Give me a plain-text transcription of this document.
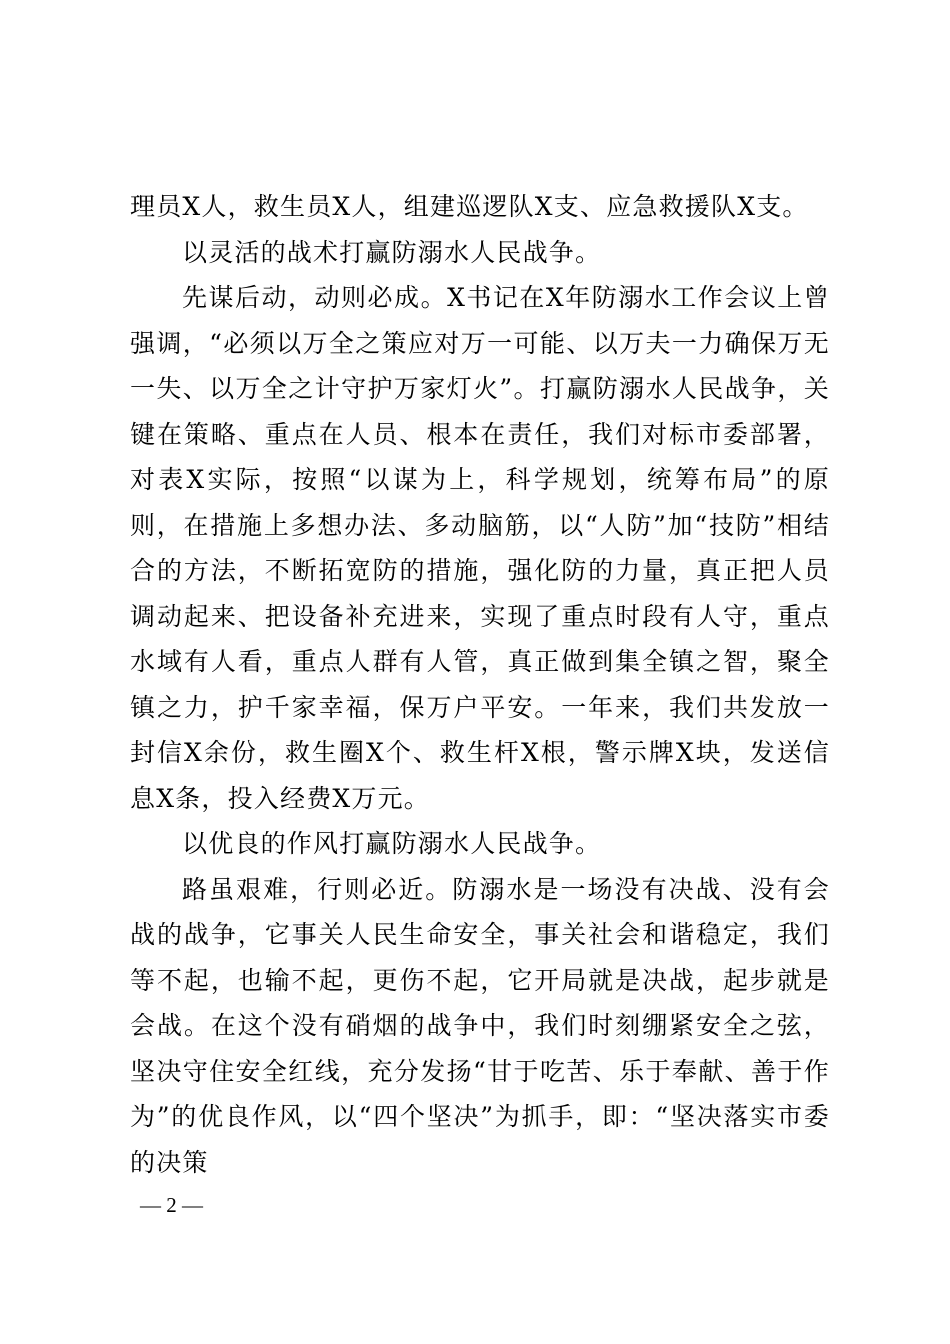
理员X人，救生员X人，组建巡逻队X支、应急救援队X支。

以灵活的战术打赢防溺水人民战争。

先谋后动，动则必成。X书记在X年防溺水工作会议上曾强调，“必须以万全之策应对万一可能、以万夫一力确保万无一失、以万全之计守护万家灯火”。打赢防溺水人民战争，关键在策略、重点在人员、根本在责任，我们对标市委部署，对表X实际，按照“以谋为上，科学规划，统筹布局”的原则，在措施上多想办法、多动脑筋，以“人防”加“技防”相结合的方法，不断拓宽防的措施，强化防的力量，真正把人员调动起来、把设备补充进来，实现了重点时段有人守，重点水域有人看，重点人群有人管，真正做到集全镇之智，聚全镇之力，护千家幸福，保万户平安。一年来，我们共发放一封信X余份，救生圈X个、救生杆X根，警示牌X块，发送信息X条，投入经费X万元。

以优良的作风打赢防溺水人民战争。

路虽艰难，行则必近。防溺水是一场没有决战、没有会战的战争，它事关人民生命安全，事关社会和谐稳定，我们等不起，也输不起，更伤不起，它开局就是决战，起步就是会战。在这个没有硝烟的战争中，我们时刻绷紧安全之弦，坚决守住安全红线，充分发扬“甘于吃苦、乐于奉献、善于作为”的优良作风，以“四个坚决”为抓手，即：“坚决落实市委的决策

— 2 —
